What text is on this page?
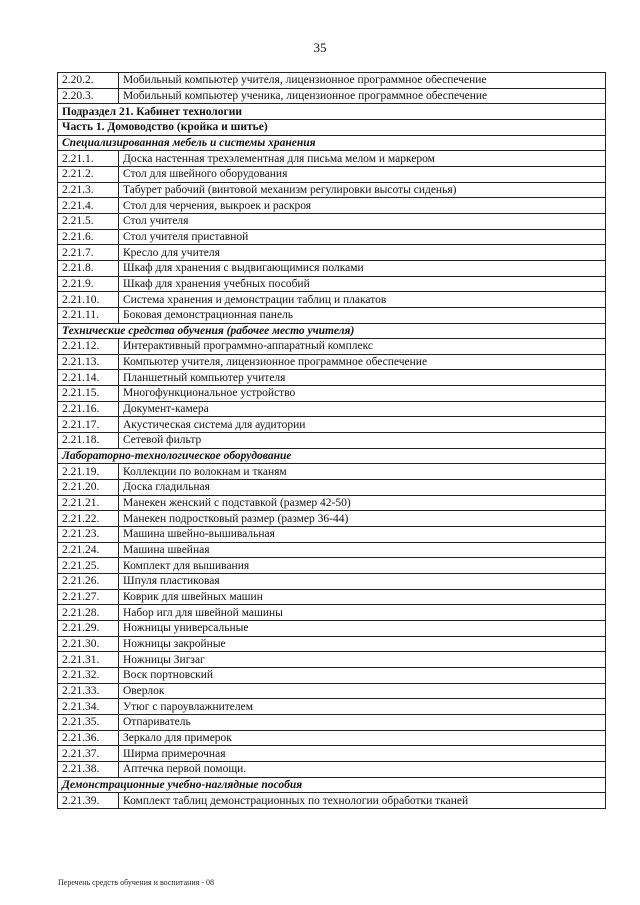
35
2.20.2.	Мобильный компьютер учителя, лицензионное программное обеспечение
2.20.3.	Мобильный компьютер ученика, лицензионное программное обеспечение
Подраздел 21. Кабинет технологии	
Часть 1. Домоводство (кройка и шитье)	
Специализированная мебель и системы хранения	
2.21.1.	Доска настенная трехэлементная для письма мелом и маркером
2.21.2.	Стол для швейного оборудования
2.21.3.	Табурет рабочий (винтовой механизм регулировки высоты сиденья)
2.21.4.	Стол для черчения, выкроек и раскроя
2.21.5.	Стол учителя
2.21.6.	Стол учителя приставной
2.21.7.	Кресло для учителя
2.21.8.	Шкаф для хранения с выдвигающимися полками
2.21.9.	Шкаф для хранения учебных пособий
2.21.10.	Система хранения и демонстрации таблиц и плакатов
2.21.11.	Боковая демонстрационная панель
Технические средства обучения (рабочее место учителя)	
2.21.12.	Интерактивный программно-аппаратный комплекс
2.21.13.	Компьютер учителя, лицензионное программное обеспечение
2.21.14.	Планшетный компьютер учителя
2.21.15.	Многофункциональное устройство
2.21.16.	Документ-камера
2.21.17.	Акустическая система для аудитории
2.21.18.	Сетевой фильтр
Лабораторно-технологическое оборудование	
2.21.19.	Коллекции по волокнам и тканям
2.21.20.	Доска гладильная
2.21.21.	Манекен женский с подставкой (размер 42-50)
2.21.22.	Манекен подростковый размер (размер 36-44)
2.21.23.	Машина швейно-вышивальная
2.21.24.	Машина швейная
2.21.25.	Комплект для вышивания
2.21.26.	Шпуля пластиковая
2.21.27.	Коврик для швейных машин
2.21.28.	Набор игл для швейной машины
2.21.29.	Ножницы универсальные
2.21.30.	Ножницы закройные
2.21.31.	Ножницы Зигзаг
2.21.32.	Воск портновский
2.21.33.	Оверлок
2.21.34.	Утюг с пароувлажнителем
2.21.35.	Отпариватель
2.21.36.	Зеркало для примерок
2.21.37.	Ширма примерочная
2.21.38.	Аптечка первой помощи.
Демонстрационные учебно-наглядные пособия	
2.21.39.	Комплект таблиц демонстрационных по технологии обработки тканей
Перечень средств обучения и воспитания - 08
